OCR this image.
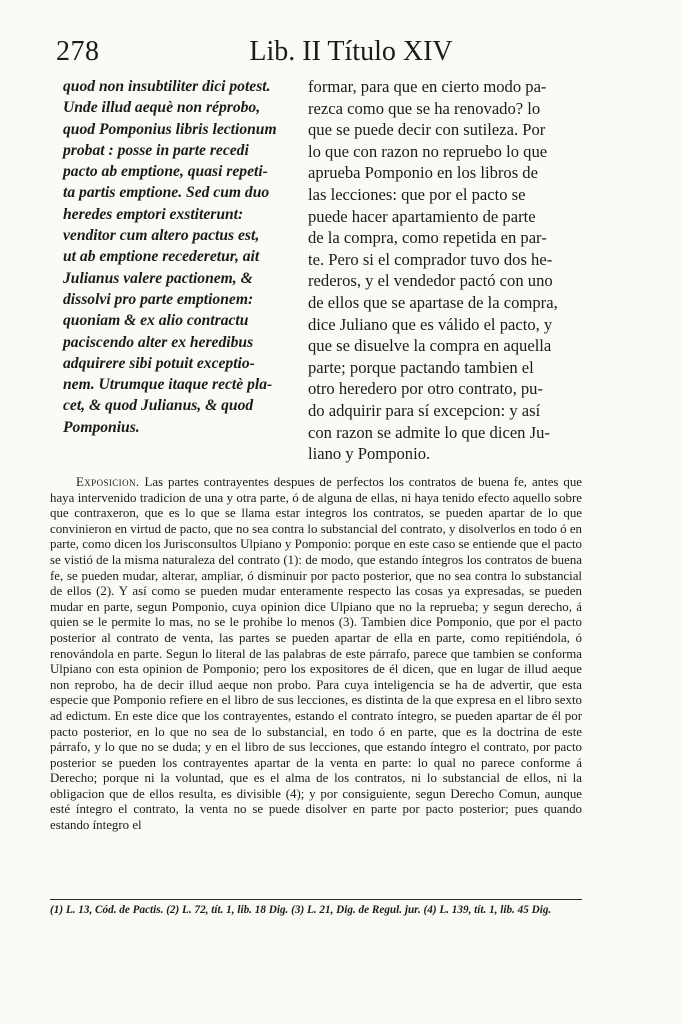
278	Lib. II Título XIV
quod non insubtiliter dici potest.
Unde illud aequè non réprobo,
quod Pomponius libris lectionum
probat : posse in parte recedi
pacto ab emptione, quasi repeti-
ta partis emptione. Sed cum duo
heredes emptori exstiterunt:
venditor cum altero pactus est,
ut ab emptione recederetur, ait
Julianus valere pactionem, &
dissolvi pro parte emptionem:
quoniam & ex alio contractu
paciscendo alter ex heredibus
adquirere sibi potuit exceptio-
nem. Utrumque itaque rectè pla-
cet, & quod Julianus, & quod
Pomponius.
formar, para que en cierto modo pa-
rezca como que se ha renovado? lo
que se puede decir con sutileza. Por
lo que con razon no repruebo lo que
aprueba Pomponio en los libros de
las lecciones: que por el pacto se
puede hacer apartamiento de parte
de la compra, como repetida en par-
te. Pero si el comprador tuvo dos he-
rederos, y el vendedor pactó con uno
de ellos que se apartase de la compra,
dice Juliano que es válido el pacto, y
que se disuelve la compra en aquella
parte; porque pactando tambien el
otro heredero por otro contrato, pu-
do adquirir para sí excepcion: y así
con razon se admite lo que dicen Ju-
liano y Pomponio.

Exposicion. Las partes contrayentes despues de perfectos los contratos de buena fe, antes que haya intervenido tradicion de una y otra parte, ó de alguna de ellas, ni haya tenido efecto aquello sobre que contraxeron, que es lo que se llama estar integros los contratos, se pueden apartar de lo que convinieron en virtud de pacto, que no sea contra lo substancial del contrato, y disolverlos en todo ó en parte, como dicen los Jurisconsultos Ulpiano y Pomponio: porque en este caso se entiende que el pacto se vistió de la misma naturaleza del contrato (1): de modo, que estando íntegros los contratos de buena fe, se pueden mudar, alterar, ampliar, ó disminuir por pacto posterior, que no sea contra lo substancial de ellos (2). Y así como se pueden mudar enteramente respecto las cosas ya expresadas, se pueden mudar en parte, segun Pomponio, cuya opinion dice Ulpiano que no la repruebа; y segun derecho, á quien se le permite lo mas, no se le prohibe lo menos (3). Tambien dice Pomponio, que por el pacto posterior al contrato de venta, las partes se pueden apartar de ella en parte, como repitiéndola, ó renovándola en parte. Segun lo literal de las palabras de este párrafo, parece que tambien se conforma Ulpiano con esta opinion de Pomponio; pero los expositores de él dicen, que en lugar de illud aeque non reprobo, ha de decir illud aeque non probo. Para cuya inteligencia se ha de advertir, que esta especie que Pomponio refiere en el libro de sus lecciones, es distinta de la que expresa en el libro sexto ad edictum. En este dice que los contrayentes, estando el contrato íntegro, se pueden apartar de él por pacto posterior, en lo que no sea de lo substancial, en todo ó en parte, que es la doctrina de este párrafo, y lo que no se duda; y en el libro de sus lecciones, que estando íntegro el contrato, por pacto posterior se pueden los contrayentes apartar de la venta en parte: lo qual no parece conforme á Derecho; porque ni la voluntad, que es el alma de los contratos, ni lo substancial de ellos, ni la obligacion que de ellos resulta, es divisible (4); y por consiguiente, segun Derecho Comun, aunque esté íntegro el contrato, la venta no se puede disolver en parte por pacto posterior; pues quando estando íntegro el

(1) L. 13, Cód. de Pactis. (2) L. 72, tít. 1, lib. 18 Dig. (3) L. 21, Dig. de Regul. jur. (4) L. 139, tít. 1, lib. 45 Dig.
